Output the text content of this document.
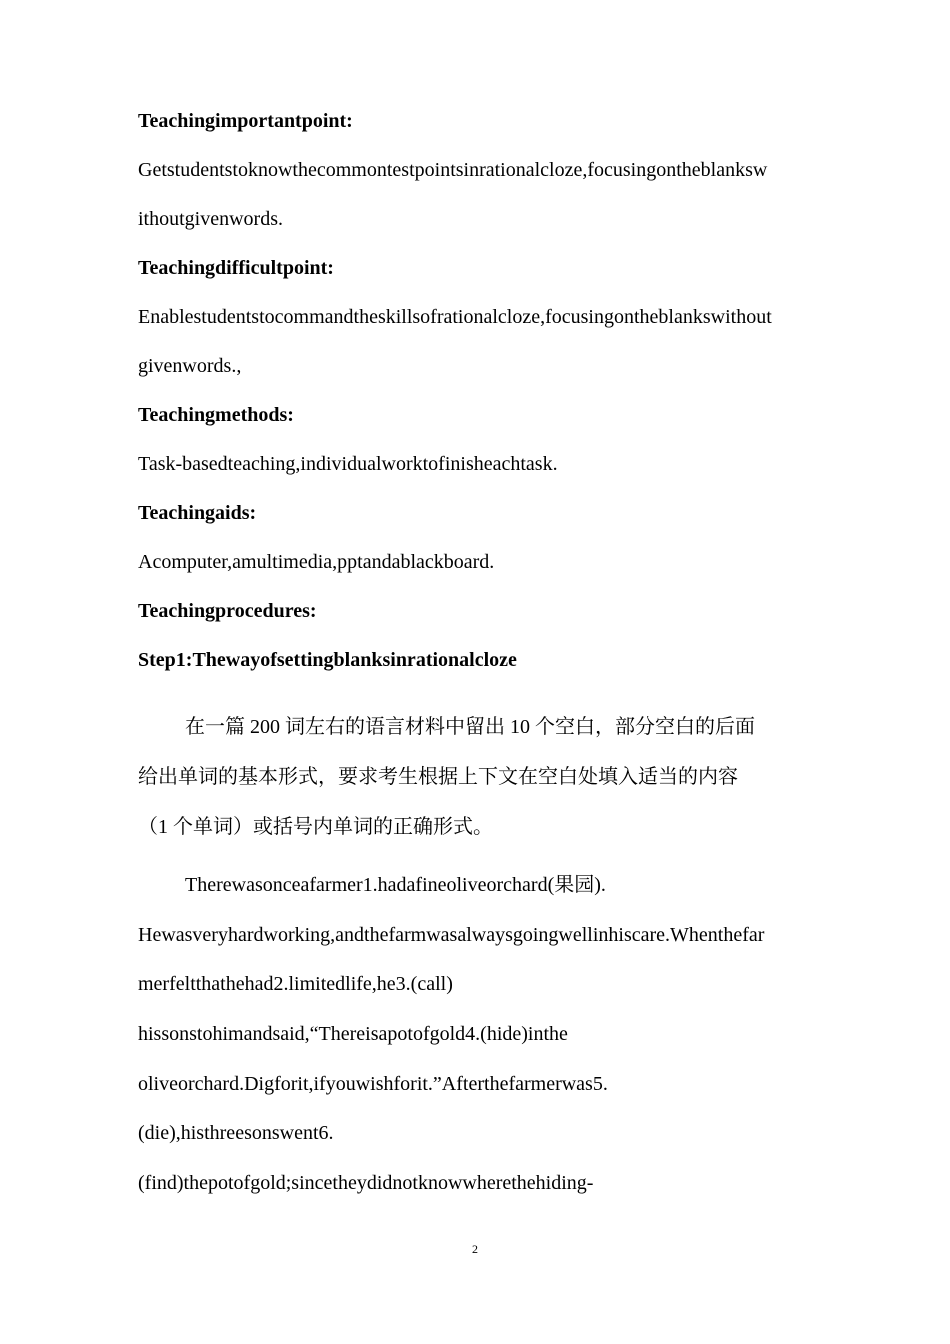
Teachingimportantpoint:
Getstudentstoknowthecommontestpointsinrationalcloze,focusingontheblanksw
ithoutgivenwords.
Teachingdifficultpoint:
Enablestudentstocommandtheskillsofrationalcloze,focusingontheblankswithout
givenwords.,
Teachingmethods:
Task-basedteaching,individualworktofinisheachtask.
Teachingaids:
Acomputer,amultimedia,pptandablackboard.
Teachingprocedures:
Step1:Thewayofsettingblanksinrationalcloze
在一篇 200 词左右的语言材料中留出 10 个空白，部分空白的后面
给出单词的基本形式，要求考生根据上下文在空白处填入适当的内容
（1 个单词）或括号内单词的正确形式。
Therewasonceafarmer1.hadafineoliveorchard(果园).
Hewasveryhardworking,andthefarmwasalwaysgoingwellinhiscare.Whenthefar
merfeltthathehad2.limitedlife,he3.(call)
hissonstohimandsaid,“Thereisapotofgold4.(hide)inthe
oliveorchard.Digforit,ifyouwishforit.”Afterthefarmerwas5.
(die),histhreesonswent6.
(find)thepotofgold;sincetheydidnotknowwherethehiding-
2
